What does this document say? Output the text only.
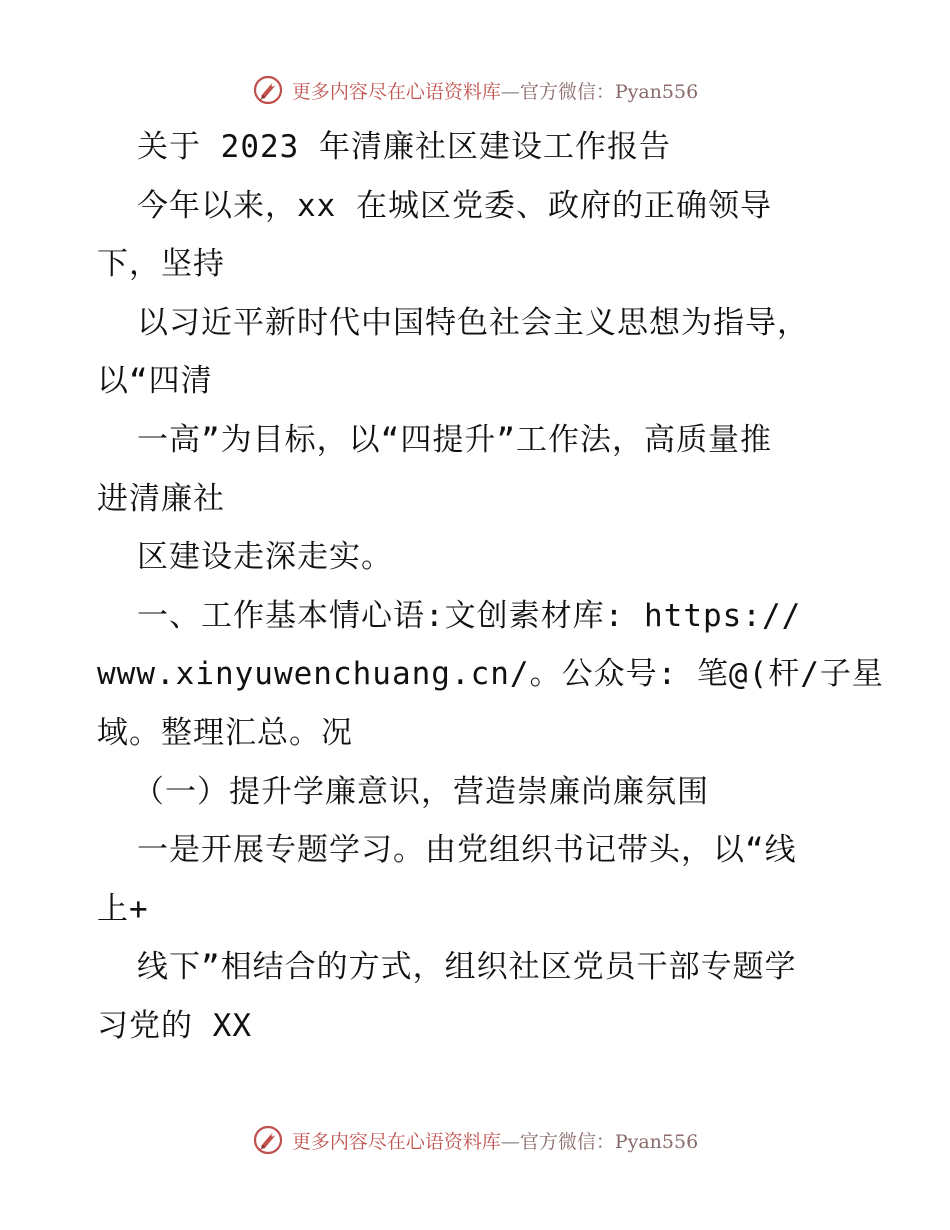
更多内容尽在心语资料库—官方微信：Pyan556
关于 2023 年清廉社区建设工作报告
今年以来，xx 在城区党委、政府的正确领导
下，坚持
以习近平新时代中国特色社会主义思想为指导，
以“四清
一高”为目标，以“四提升”工作法，高质量推
进清廉社
区建设走深走实。
一、工作基本情心语:文创素材库: https://
www.xinyuwenchuang.cn/。公众号: 笔@(杆/子星
域。整理汇总。况
（一）提升学廉意识，营造崇廉尚廉氛围
一是开展专题学习。由党组织书记带头，以“线
上+
线下”相结合的方式，组织社区党员干部专题学
习党的 XX
更多内容尽在心语资料库—官方微信：Pyan556
